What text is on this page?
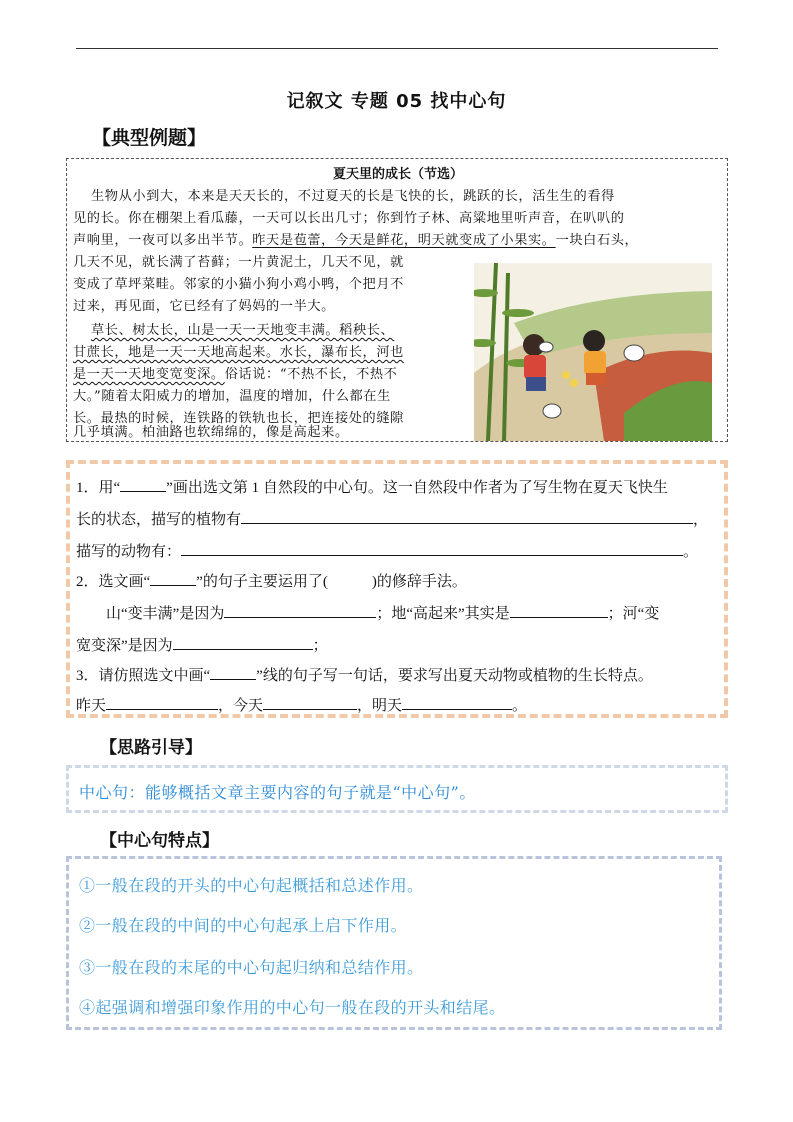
记叙文 专题 05 找中心句
【典型例题】
夏天里的成长（节选）
生物从小到大，本来是天天长的，不过夏天的长是飞快的长，跳跃的长，活生生的看得
见的长。你在棚架上看瓜藤，一天可以长出几寸；你到竹子林、高粱地里听声音，在叭叭的
声响里，一夜可以多出半节。昨天是苞蕾，今天是鲜花，明天就变成了小果实。一块白石头，
几天不见，就长满了苔藓；一片黄泥土，几天不见，就
变成了草坪菜畦。邻家的小猫小狗小鸡小鸭，个把月不
过来，再见面，它已经有了妈妈的一半大。
草长、树太长，山是一天一天地变丰满。稻秧长、
甘蔗长，地是一天一天地高起来。水长，瀑布长，河也
是一天一天地变宽变深。俗话说：“不热不长，不热不
大。”随着太阳威力的增加，温度的增加，什么都在生
长。最热的时候，连铁路的铁轨也长，把连接处的缝隙
几乎填满。柏油路也软绵绵的，像是高起来。
1．用“	”画出选文第 1 自然段的中心句。这一自然段中作者为了写生物在夏天飞快生
长的状态，描写的植物有	，
描写的动物有：	。
2．选文画“	”的句子主要运用了(	)的修辞手法。
山“变丰满”是因为	；地“高起来”其实是	；河“变
宽变深”是因为	；
3．请仿照选文中画“	”线的句子写一句话，要求写出夏天动物或植物的生长特点。
昨天	，今天	，明天	。
【思路引导】
中心句：能够概括文章主要内容的句子就是“中心句”。
【中心句特点】
①一般在段的开头的中心句起概括和总述作用。
②一般在段的中间的中心句起承上启下作用。
③一般在段的末尾的中心句起归纳和总结作用。
④起强调和增强印象作用的中心句一般在段的开头和结尾。
